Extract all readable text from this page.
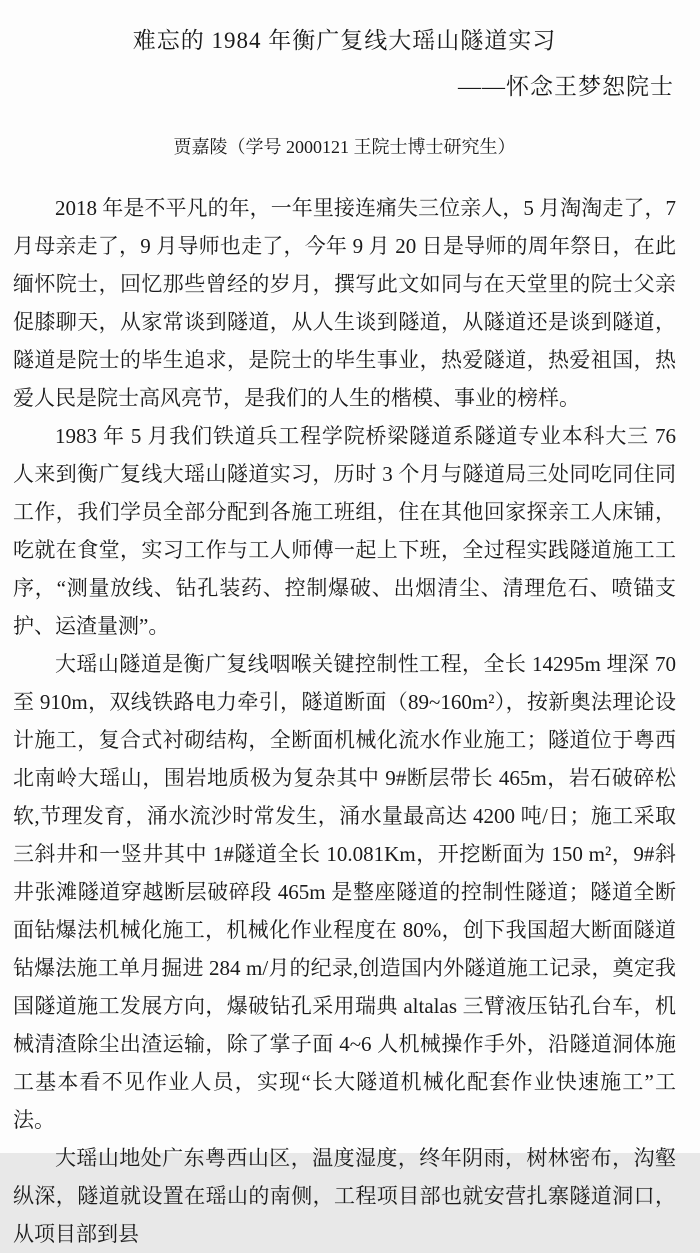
难忘的 1984 年衡广复线大瑶山隧道实习
——怀念王梦恕院士
贾嘉陵（学号 2000121 王院士博士研究生）

2018 年是不平凡的年，一年里接连痛失三位亲人，5 月淘淘走了，7 月母亲走了，9 月导师也走了，今年 9 月 20 日是导师的周年祭日，在此缅怀院士，回忆那些曾经的岁月，撰写此文如同与在天堂里的院士父亲促膝聊天，从家常谈到隧道，从人生谈到隧道，从隧道还是谈到隧道，隧道是院士的毕生追求，是院士的毕生事业，热爱隧道，热爱祖国，热爱人民是院士高风亮节，是我们的人生的楷模、事业的榜样。

1983 年 5 月我们铁道兵工程学院桥梁隧道系隧道专业本科大三 76 人来到衡广复线大瑶山隧道实习，历时 3 个月与隧道局三处同吃同住同工作，我们学员全部分配到各施工班组，住在其他回家探亲工人床铺，吃就在食堂，实习工作与工人师傅一起上下班，全过程实践隧道施工工序，“测量放线、钻孔装药、控制爆破、出烟清尘、清理危石、喷锚支护、运渣量测”。

大瑶山隧道是衡广复线咽喉关键控制性工程，全长 14295m 埋深 70 至 910m，双线铁路电力牵引，隧道断面（89~160m²），按新奥法理论设计施工，复合式衬砌结构，全断面机械化流水作业施工；隧道位于粤西北南岭大瑶山，围岩地质极为复杂其中 9#断层带长 465m，岩石破碎松软,节理发育，涌水流沙时常发生，涌水量最高达 4200 吨/日；施工采取三斜井和一竖井其中 1#隧道全长 10.081Km，开挖断面为 150 m²，9#斜井张滩隧道穿越断层破碎段 465m 是整座隧道的控制性隧道；隧道全断面钻爆法机械化施工，机械化作业程度在 80%，创下我国超大断面隧道钻爆法施工单月掘进 284 m/月的纪录,创造国内外隧道施工记录，奠定我国隧道施工发展方向，爆破钻孔采用瑞典 altalas 三臂液压钻孔台车，机械清渣除尘出渣运输，除了掌子面 4~6 人机械操作手外，沿隧道洞体施工基本看不见作业人员，实现“长大隧道机械化配套作业快速施工”工法。

大瑶山地处广东粤西山区，温度湿度，终年阴雨，树林密布，沟壑纵深，隧道就设置在瑶山的南侧，工程项目部也就安营扎寨隧道洞口，从项目部到县
